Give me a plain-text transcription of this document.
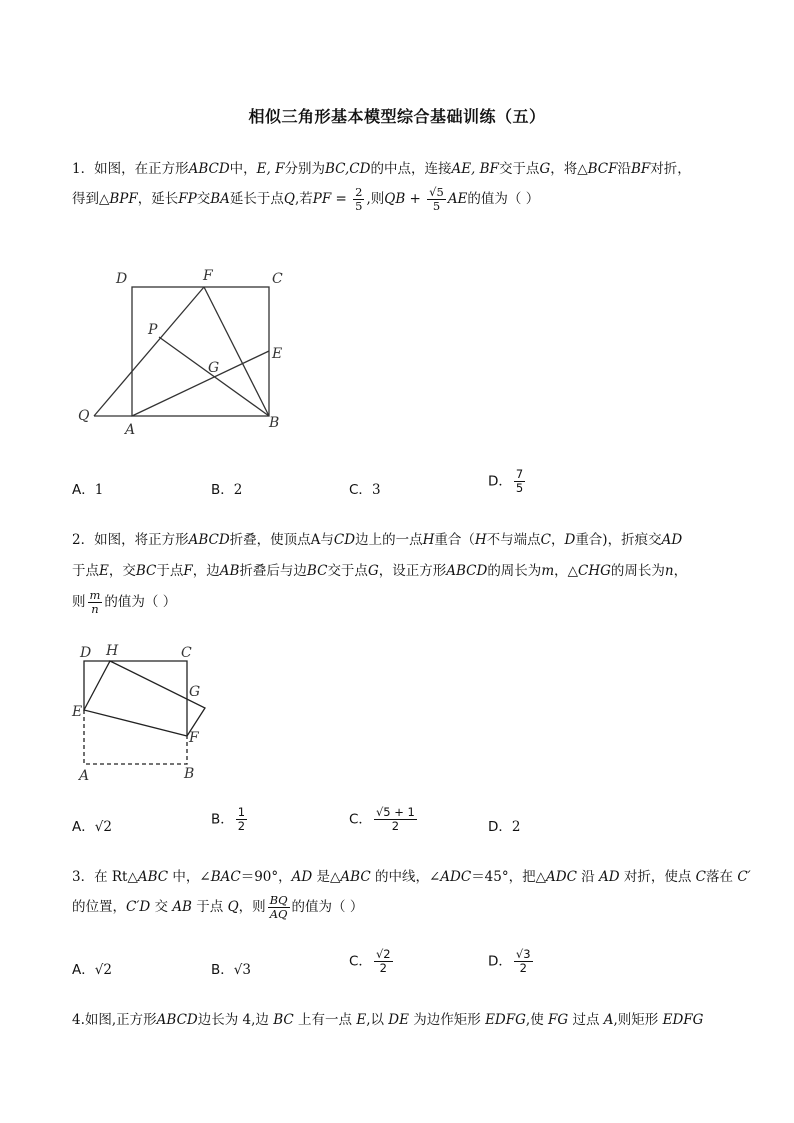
相似三角形基本模型综合基础训练（五）
1．如图，在正方形ABCD中，E, F分别为BC,CD的中点，连接AE, BF交于点G，将△BCF沿BF对折，
得到△BPF，延长FP交BA延长于点Q,若PF = $\frac{2}{5}$ ,则QB + $\frac{√5}{5}$ AE的值为（ ）
D	F	C
P
E
G
Q
A	B
A．1	B．2	C．3
D． $\frac{7}{5}$
2．如图，将正方形ABCD折叠，使顶点A与CD边上的一点H重合（H不与端点C，D重合)，折痕交AD
于点E，交BC于点F，边AB折叠后与边BC交于点G，设正方形ABCD的周长为m，△CHG的周长为n，
则 $\frac{m}{n}$ 的值为（ ）
D H	C
G
E
F
A	B
A．√2	B． $\frac{1}{2}$	C． $\frac{√5 + 1}{2}$	D．2
3．在 Rt△ABC 中，∠BAC＝90°，AD 是△ABC 的中线，∠ADC＝45°，把△ADC 沿 AD 对折，使点 C落在 C′
的位置，C′D 交 AB 于点 Q，则 $\frac{BQ}{AQ}$ 的值为（ ）
A．√2	B．√3
C． $\frac{√2}{2}$	D． $\frac{√3}{2}$
4.如图,正方形ABCD边长为 4,边 BC 上有一点 E,以 DE 为边作矩形 EDFG,使 FG 过点 A,则矩形 EDFG
